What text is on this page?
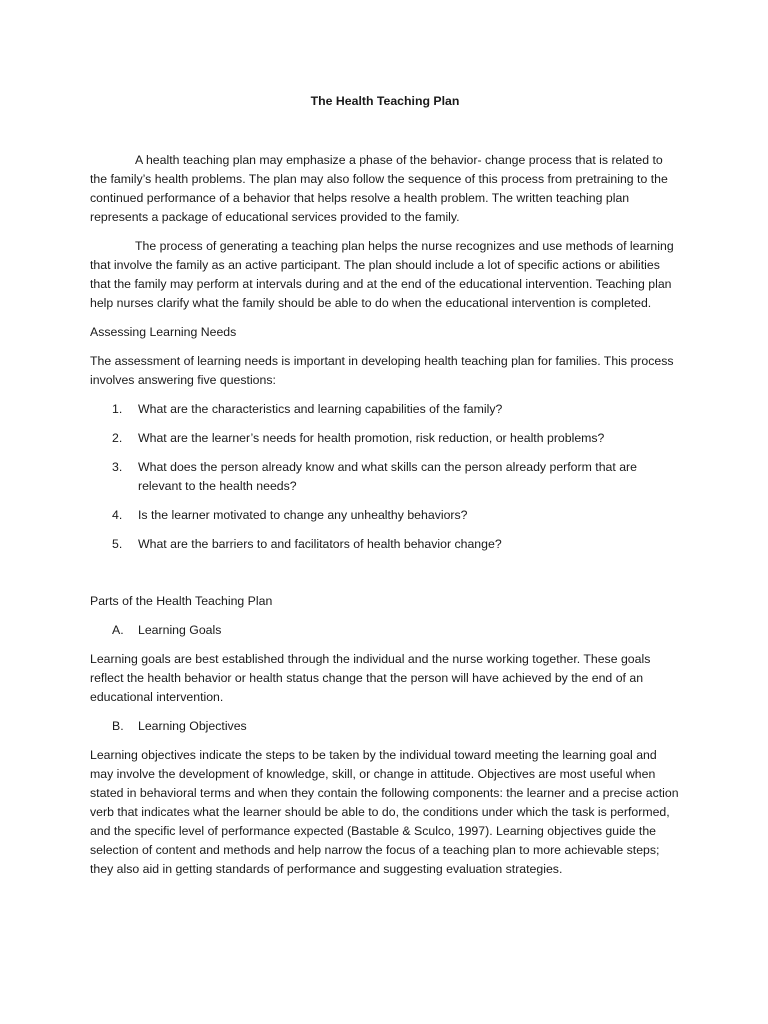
The Health Teaching Plan

A health teaching plan may emphasize a phase of the behavior- change process that is related to the family’s health problems. The plan may also follow the sequence of this process from pretraining to the continued performance of a behavior that helps resolve a health problem. The written teaching plan represents a package of educational services provided to the family.

The process of generating a teaching plan helps the nurse recognizes and use methods of learning that involve the family as an active participant. The plan should include a lot of specific actions or abilities that the family may perform at intervals during and at the end of the educational intervention. Teaching plan help nurses clarify what the family should be able to do when the educational intervention is completed.

Assessing Learning Needs

The assessment of learning needs is important in developing health teaching plan for families. This process involves answering five questions:

1. What are the characteristics and learning capabilities of the family?
2. What are the learner’s needs for health promotion, risk reduction, or health problems?
3. What does the person already know and what skills can the person already perform that are relevant to the health needs?
4. Is the learner motivated to change any unhealthy behaviors?
5. What are the barriers to and facilitators of health behavior change?

Parts of the Health Teaching Plan

A. Learning Goals

Learning goals are best established through the individual and the nurse working together. These goals reflect the health behavior or health status change that the person will have achieved by the end of an educational intervention.

B. Learning Objectives

Learning objectives indicate the steps to be taken by the individual toward meeting the learning goal and may involve the development of knowledge, skill, or change in attitude. Objectives are most useful when stated in behavioral terms and when they contain the following components: the learner and a precise action verb that indicates what the learner should be able to do, the conditions under which the task is performed, and the specific level of performance expected (Bastable & Sculco, 1997). Learning objectives guide the selection of content and methods and help narrow the focus of a teaching plan to more achievable steps; they also aid in getting standards of performance and suggesting evaluation strategies.
